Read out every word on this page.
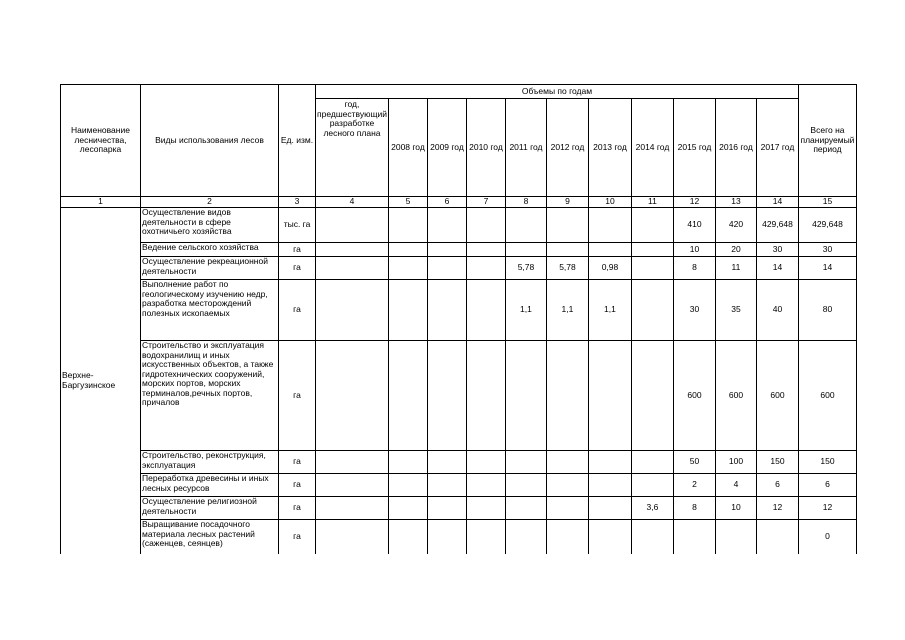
Наименование лесничества, лесопарка	Виды использования лесов	Ед. изм.	Объемы по годам											Всего на планируемый период
			год, предшествующий разработке лесного плана	2008 год	2009 год	2010 год	2011 год	2012 год	2013 год	2014 год	2015 год	2016 год	2017 год	
1	2	3	4	5	6	7	8	9	10	11	12	13	14	15
Верхне-Баргузинское	Осуществление видов деятельности в сфере охотничьего хозяйства	тыс. га									410	420	429,648	429,648
	Ведение сельского хозяйства	га									10	20	30	30
	Осуществление рекреационной деятельности	га					5,78	5,78	0,98		8	11	14	14
	Выполнение работ по геологическому изучению недр, разработка месторождений полезных ископаемых	га					1,1	1,1	1,1		30	35	40	80
	Строительство и эксплуатация водохранилищ и иных искусственных объектов, а также гидротехнических сооружений, морских портов, морских терминалов,речных портов, причалов	га									600	600	600	600
	Строительство, реконструкция, эксплуатация	га									50	100	150	150
	Переработка древесины и иных лесных ресурсов	га									2	4	6	6
	Осуществление религиозной деятельности	га								3,6	8	10	12	12
	Выращивание посадочного материала лесных растений (саженцев, сеянцев)	га												0
